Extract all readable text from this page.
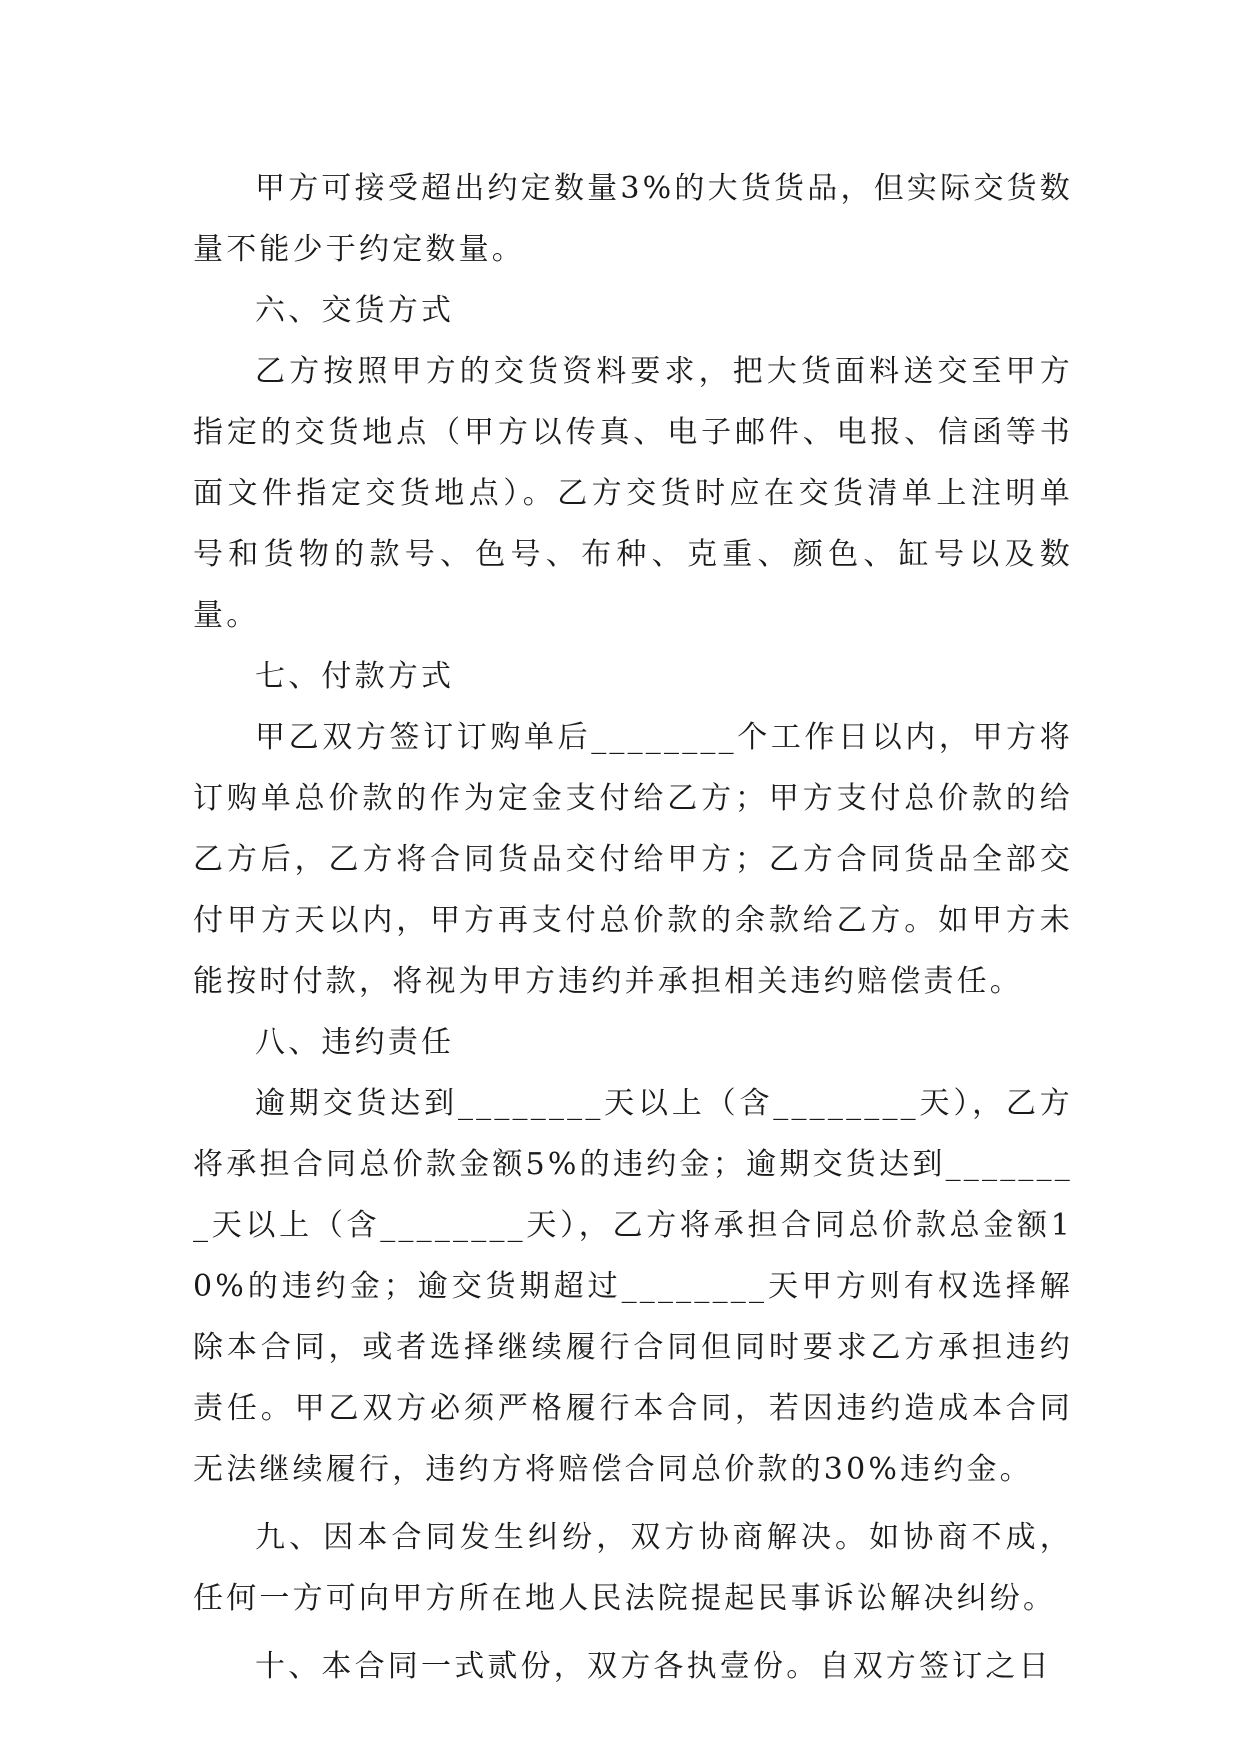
甲方可接受超出约定数量3%的大货货品，但实际交货数量不能少于约定数量。

六、交货方式

乙方按照甲方的交货资料要求，把大货面料送交至甲方指定的交货地点（甲方以传真、电子邮件、电报、信函等书面文件指定交货地点）。乙方交货时应在交货清单上注明单号和货物的款号、色号、布种、克重、颜色、缸号以及数量。

七、付款方式

甲乙双方签订订购单后________个工作日以内，甲方将订购单总价款的作为定金支付给乙方；甲方支付总价款的给乙方后，乙方将合同货品交付给甲方；乙方合同货品全部交付甲方天以内，甲方再支付总价款的余款给乙方。如甲方未能按时付款，将视为甲方违约并承担相关违约赔偿责任。

八、违约责任

逾期交货达到________天以上（含________天），乙方将承担合同总价款金额5%的违约金；逾期交货达到________天以上（含________天），乙方将承担合同总价款总金额10%的违约金；逾交货期超过________天甲方则有权选择解除本合同，或者选择继续履行合同但同时要求乙方承担违约责任。甲乙双方必须严格履行本合同，若因违约造成本合同无法继续履行，违约方将赔偿合同总价款的30%违约金。

九、因本合同发生纠纷，双方协商解决。如协商不成，任何一方可向甲方所在地人民法院提起民事诉讼解决纠纷。

十、本合同一式贰份，双方各执壹份。自双方签订之日
